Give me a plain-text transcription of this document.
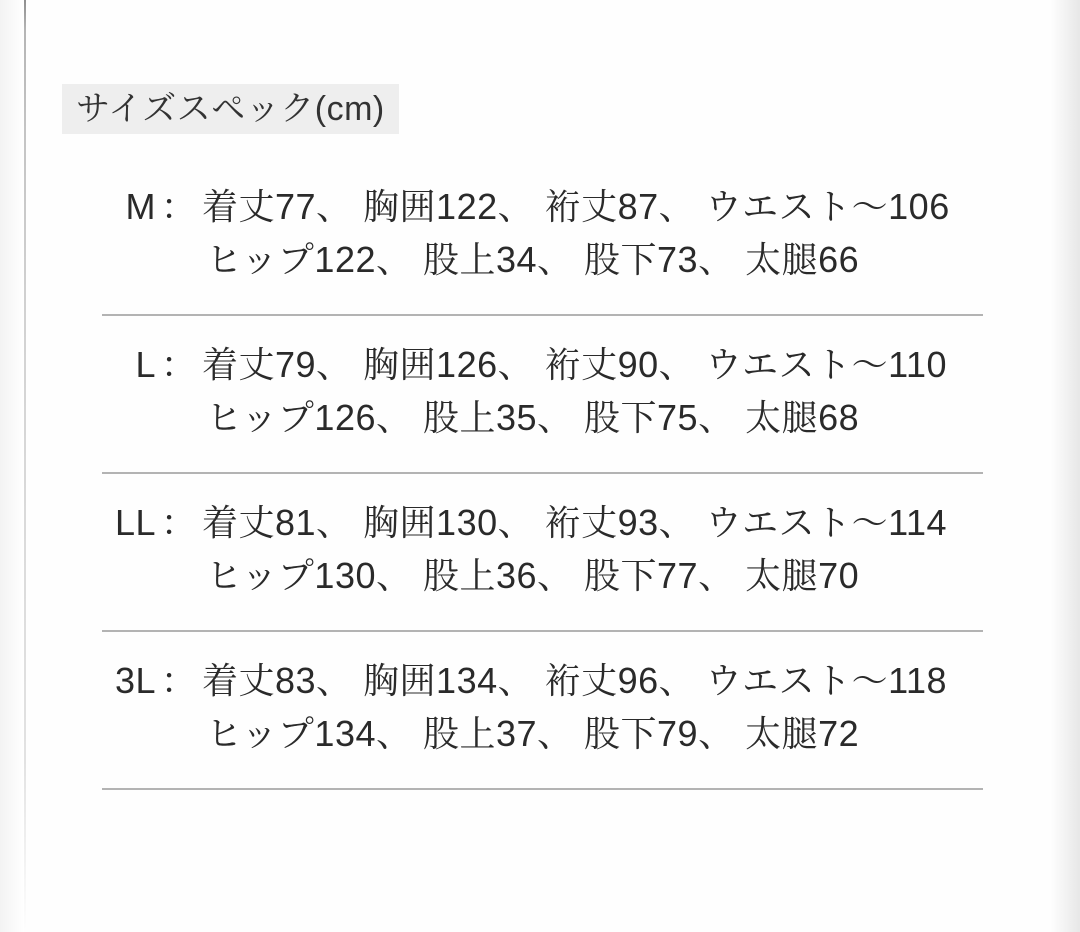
サイズスペック(cm)
M ： 着丈77、 胸囲122、 裄丈87、 ウエスト～106
ヒップ122、 股上34、 股下73、 太腿66
L ： 着丈79、 胸囲126、 裄丈90、 ウエスト～110
ヒップ126、 股上35、 股下75、 太腿68
LL ： 着丈81、 胸囲130、 裄丈93、 ウエスト～114
ヒップ130、 股上36、 股下77、 太腿70
3L ： 着丈83、 胸囲134、 裄丈96、 ウエスト～118
ヒップ134、 股上37、 股下79、 太腿72
